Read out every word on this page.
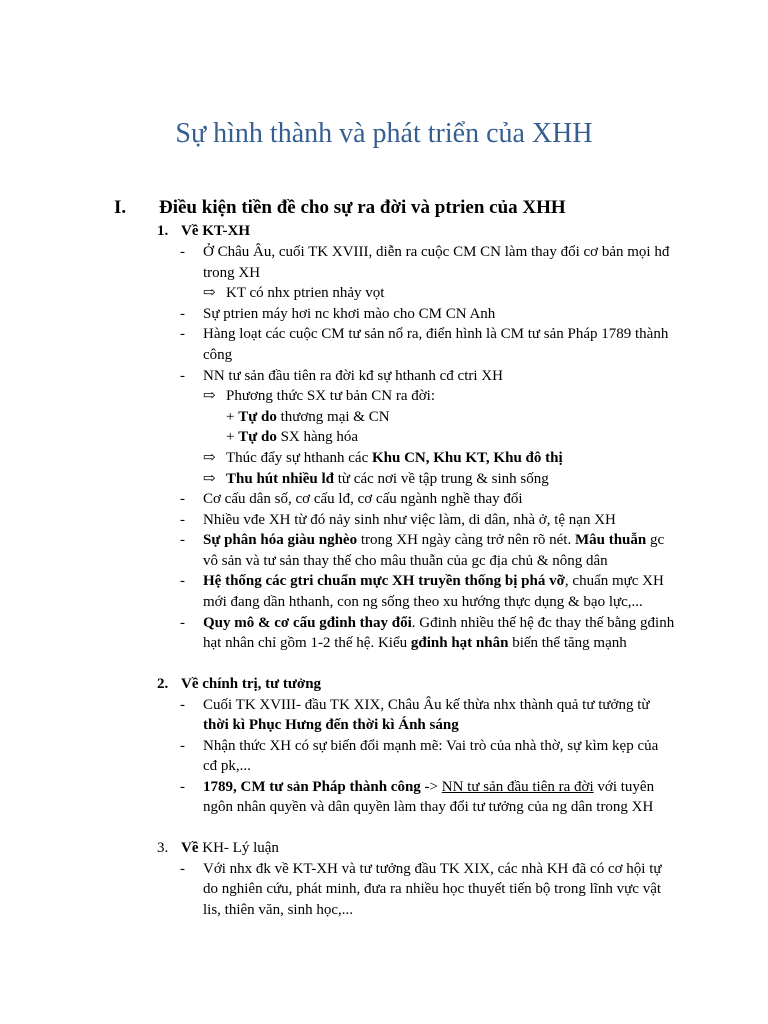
Sự hình thành và phát triển của XHH
I. Điều kiện tiền đề cho sự ra đời và ptrien của XHH
1. Về KT-XH
- Ở Châu Âu, cuối TK XVIII, diễn ra cuộc CM CN làm thay đổi cơ bản mọi hđ
trong XH
⇨ KT có nhx ptrien nhảy vọt
- Sự ptrien máy hơi nc khơi mào cho CM CN Anh
- Hàng loạt các cuộc CM tư sản nổ ra, điển hình là CM tư sản Pháp 1789 thành
công
- NN tư sản đầu tiên ra đời kđ sự hthanh cđ ctri XH
⇨ Phương thức SX tư bản CN ra đời:
+ Tự do thương mại & CN
+ Tự do SX hàng hóa
⇨ Thúc đẩy sự hthanh các Khu CN, Khu KT, Khu đô thị
⇨ Thu hút nhiều lđ từ các nơi về tập trung & sinh sống
- Cơ cấu dân số, cơ cấu lđ, cơ cấu ngành nghề thay đổi
- Nhiều vđe XH từ đó nảy sinh như việc làm, di dân, nhà ở, tệ nạn XH
- Sự phân hóa giàu nghèo trong XH ngày càng trở nên rõ nét. Mâu thuẫn gc
vô sản và tư sản thay thế cho mâu thuẫn của gc địa chủ & nông dân
- Hệ thống các gtri chuẩn mực XH truyền thống bị phá vỡ, chuẩn mực XH
mới đang dần hthanh, con ng sống theo xu hướng thực dụng & bạo lực,...
- Quy mô & cơ cấu gđinh thay đổi. Gđinh nhiều thế hệ đc thay thế bằng gđinh
hạt nhân chỉ gồm 1-2 thế hệ. Kiểu gđinh hạt nhân biến thể tăng mạnh
2. Về chính trị, tư tưởng
- Cuối TK XVIII- đầu TK XIX, Châu Âu kế thừa nhx thành quả tư tưởng từ
thời kì Phục Hưng đến thời kì Ánh sáng
- Nhận thức XH có sự biến đổi mạnh mẽ: Vai trò của nhà thờ, sự kìm kẹp của
cđ pk,...
- 1789, CM tư sản Pháp thành công -> NN tư sản đầu tiên ra đời với tuyên
ngôn nhân quyền và dân quyền làm thay đổi tư tưởng của ng dân trong XH
3. Về KH- Lý luận
- Với nhx đk về KT-XH và tư tưởng đầu TK XIX, các nhà KH đã có cơ hội tự
do nghiên cứu, phát minh, đưa ra nhiều học thuyết tiến bộ trong lĩnh vực vật
lis, thiên văn, sinh học,...
